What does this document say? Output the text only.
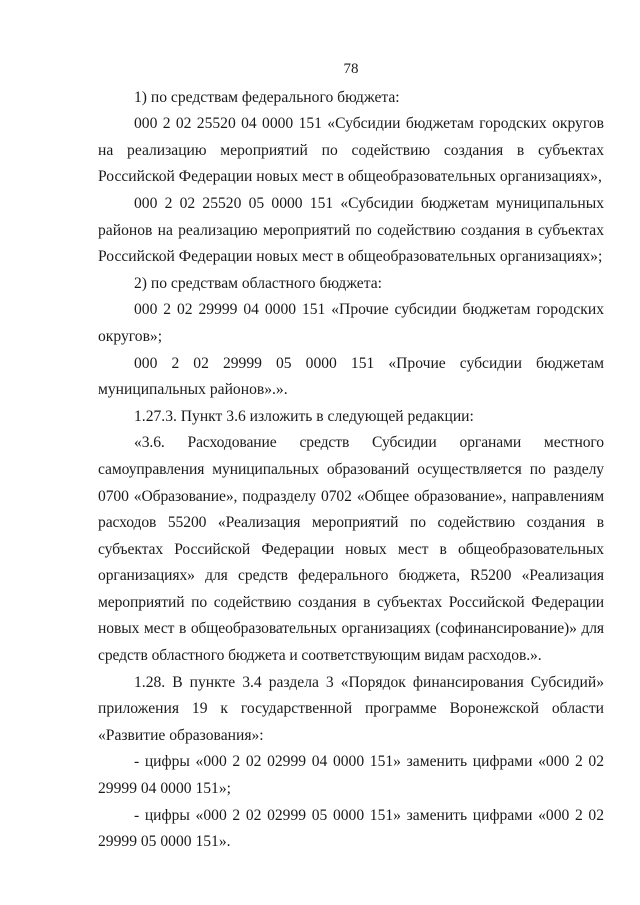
78

1) по средствам федерального бюджета:

000 2 02 25520 04 0000 151 «Субсидии бюджетам городских округов на реализацию мероприятий по содействию создания в субъектах Российской Федерации новых мест в общеобразовательных организациях»,

000 2 02 25520 05 0000 151 «Субсидии бюджетам муниципальных районов на реализацию мероприятий по содействию создания в субъектах Российской Федерации новых мест в общеобразовательных организациях»;

2) по средствам областного бюджета:

000 2 02 29999 04 0000 151 «Прочие субсидии бюджетам городских округов»;

000 2 02 29999 05 0000 151 «Прочие субсидии бюджетам муниципальных районов».».

1.27.3. Пункт 3.6 изложить в следующей редакции:

«3.6. Расходование средств Субсидии органами местного самоуправления муниципальных образований осуществляется по разделу 0700 «Образование», подразделу 0702 «Общее образование», направлениям расходов 55200 «Реализация мероприятий по содействию создания в субъектах Российской Федерации новых мест в общеобразовательных организациях» для средств федерального бюджета, R5200 «Реализация мероприятий по содействию создания в субъектах Российской Федерации новых мест в общеобразовательных организациях (софинансирование)» для средств областного бюджета и соответствующим видам расходов.».

1.28. В пункте 3.4 раздела 3 «Порядок финансирования Субсидий» приложения 19 к государственной программе Воронежской области «Развитие образования»:

- цифры «000 2 02 02999 04 0000 151» заменить цифрами «000 2 02 29999 04 0000 151»;

- цифры «000 2 02 02999 05 0000 151» заменить цифрами «000 2 02 29999 05 0000 151».
